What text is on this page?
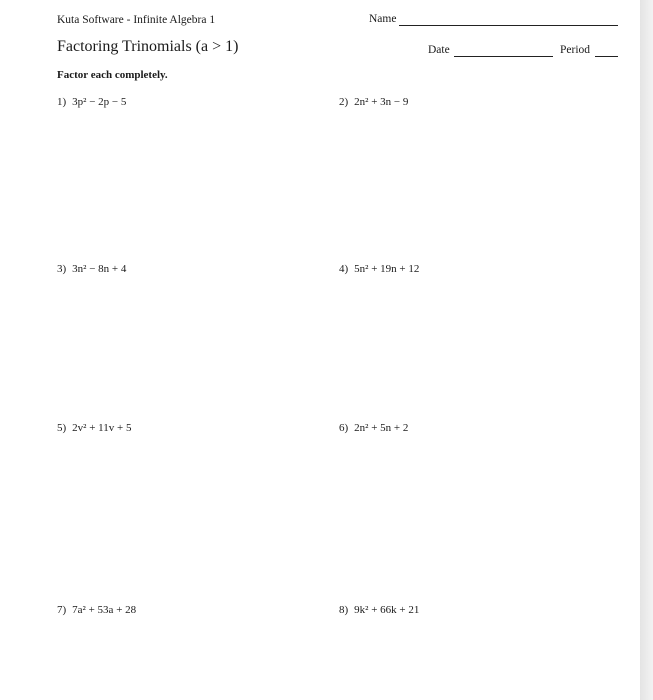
Kuta Software - Infinite Algebra 1	Name
Factoring Trinomials (a > 1)	Date	Period
Factor each completely.
1) 3p² − 2p − 5	2) 2n² + 3n − 9
3) 3n² − 8n + 4	4) 5n² + 19n + 12
5) 2v² + 11v + 5	6) 2n² + 5n + 2
7) 7a² + 53a + 28	8) 9k² + 66k + 21
